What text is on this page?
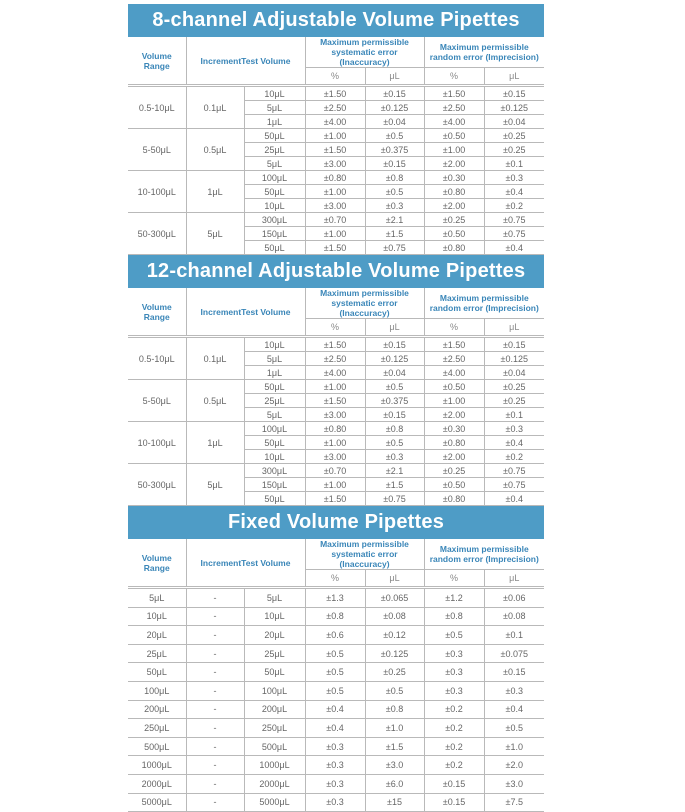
8-channel Adjustable Volume Pipettes
Volume Range	IncrementTest Volume		Maximum permissible systematic error (Inaccuracy)		Maximum permissible random error (Imprecision)	
			%	μL	%	μL

0.5-10μL	0.1μL	10μL	±1.50	±0.15	±1.50	±0.15
		5μL	±2.50	±0.125	±2.50	±0.125
		1μL	±4.00	±0.04	±4.00	±0.04
5-50μL	0.5μL	50μL	±1.00	±0.5	±0.50	±0.25
		25μL	±1.50	±0.375	±1.00	±0.25
		5μL	±3.00	±0.15	±2.00	±0.1
10-100μL	1μL	100μL	±0.80	±0.8	±0.30	±0.3
		50μL	±1.00	±0.5	±0.80	±0.4
		10μL	±3.00	±0.3	±2.00	±0.2
50-300μL	5μL	300μL	±0.70	±2.1	±0.25	±0.75
		150μL	±1.00	±1.5	±0.50	±0.75
		50μL	±1.50	±0.75	±0.80	±0.4
12-channel Adjustable Volume Pipettes
Volume Range	IncrementTest Volume		Maximum permissible systematic error (Inaccuracy)		Maximum permissible random error (Imprecision)	
			%	μL	%	μL

0.5-10μL	0.1μL	10μL	±1.50	±0.15	±1.50	±0.15
		5μL	±2.50	±0.125	±2.50	±0.125
		1μL	±4.00	±0.04	±4.00	±0.04
5-50μL	0.5μL	50μL	±1.00	±0.5	±0.50	±0.25
		25μL	±1.50	±0.375	±1.00	±0.25
		5μL	±3.00	±0.15	±2.00	±0.1
10-100μL	1μL	100μL	±0.80	±0.8	±0.30	±0.3
		50μL	±1.00	±0.5	±0.80	±0.4
		10μL	±3.00	±0.3	±2.00	±0.2
50-300μL	5μL	300μL	±0.70	±2.1	±0.25	±0.75
		150μL	±1.00	±1.5	±0.50	±0.75
		50μL	±1.50	±0.75	±0.80	±0.4
Fixed Volume Pipettes
Volume Range	IncrementTest Volume		Maximum permissible systematic error (Inaccuracy)		Maximum permissible random error (Imprecision)	
			%	μL	%	μL

5μL	-	5μL	±1.3	±0.065	±1.2	±0.06
10μL	-	10μL	±0.8	±0.08	±0.8	±0.08
20μL	-	20μL	±0.6	±0.12	±0.5	±0.1
25μL	-	25μL	±0.5	±0.125	±0.3	±0.075
50μL	-	50μL	±0.5	±0.25	±0.3	±0.15
100μL	-	100μL	±0.5	±0.5	±0.3	±0.3
200μL	-	200μL	±0.4	±0.8	±0.2	±0.4
250μL	-	250μL	±0.4	±1.0	±0.2	±0.5
500μL	-	500μL	±0.3	±1.5	±0.2	±1.0
1000μL	-	1000μL	±0.3	±3.0	±0.2	±2.0
2000μL	-	2000μL	±0.3	±6.0	±0.15	±3.0
5000μL	-	5000μL	±0.3	±15	±0.15	±7.5
